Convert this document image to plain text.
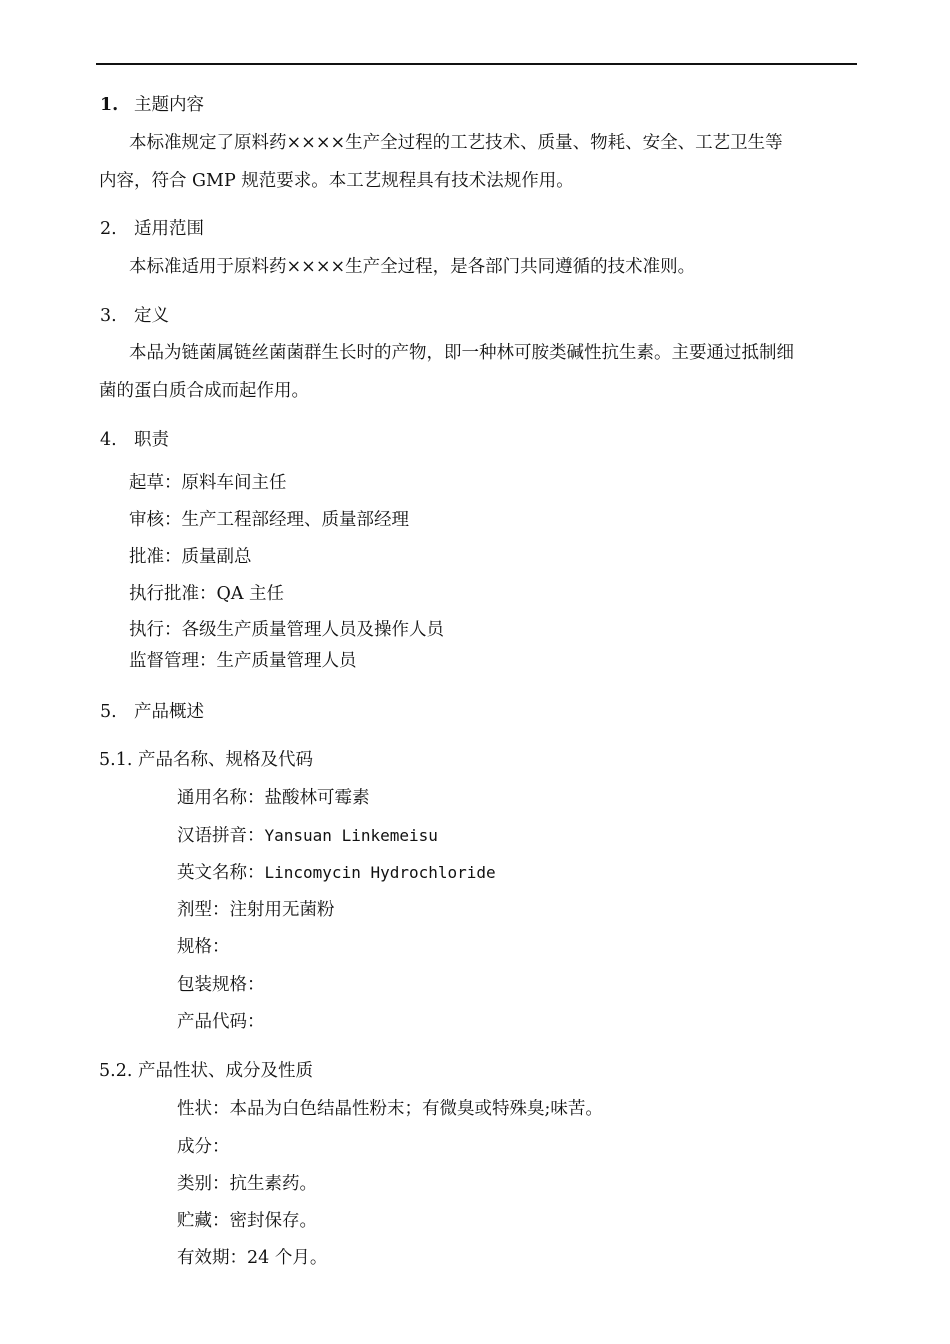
1. 主题内容
本标准规定了原料药××××生产全过程的工艺技术、质量、物耗、安全、工艺卫生等
内容，符合 GMP 规范要求。本工艺规程具有技术法规作用。
2. 适用范围
本标准适用于原料药××××生产全过程，是各部门共同遵循的技术准则。
3. 定义
本品为链菌属链丝菌菌群生长时的产物，即一种林可胺类碱性抗生素。主要通过抵制细
菌的蛋白质合成而起作用。
4. 职责
起草：原料车间主任
审核：生产工程部经理、质量部经理
批准：质量副总
执行批准：QA 主任
执行：各级生产质量管理人员及操作人员
监督管理：生产质量管理人员
5. 产品概述
5.1. 产品名称、规格及代码
通用名称：盐酸林可霉素
汉语拼音：Yansuan Linkemeisu
英文名称：Lincomycin Hydrochloride
剂型：注射用无菌粉
规格：
包装规格：
产品代码：
5.2. 产品性状、成分及性质
性状：本品为白色结晶性粉末；有微臭或特殊臭;味苦。
成分：
类别：抗生素药。
贮藏：密封保存。
有效期：24 个月。
